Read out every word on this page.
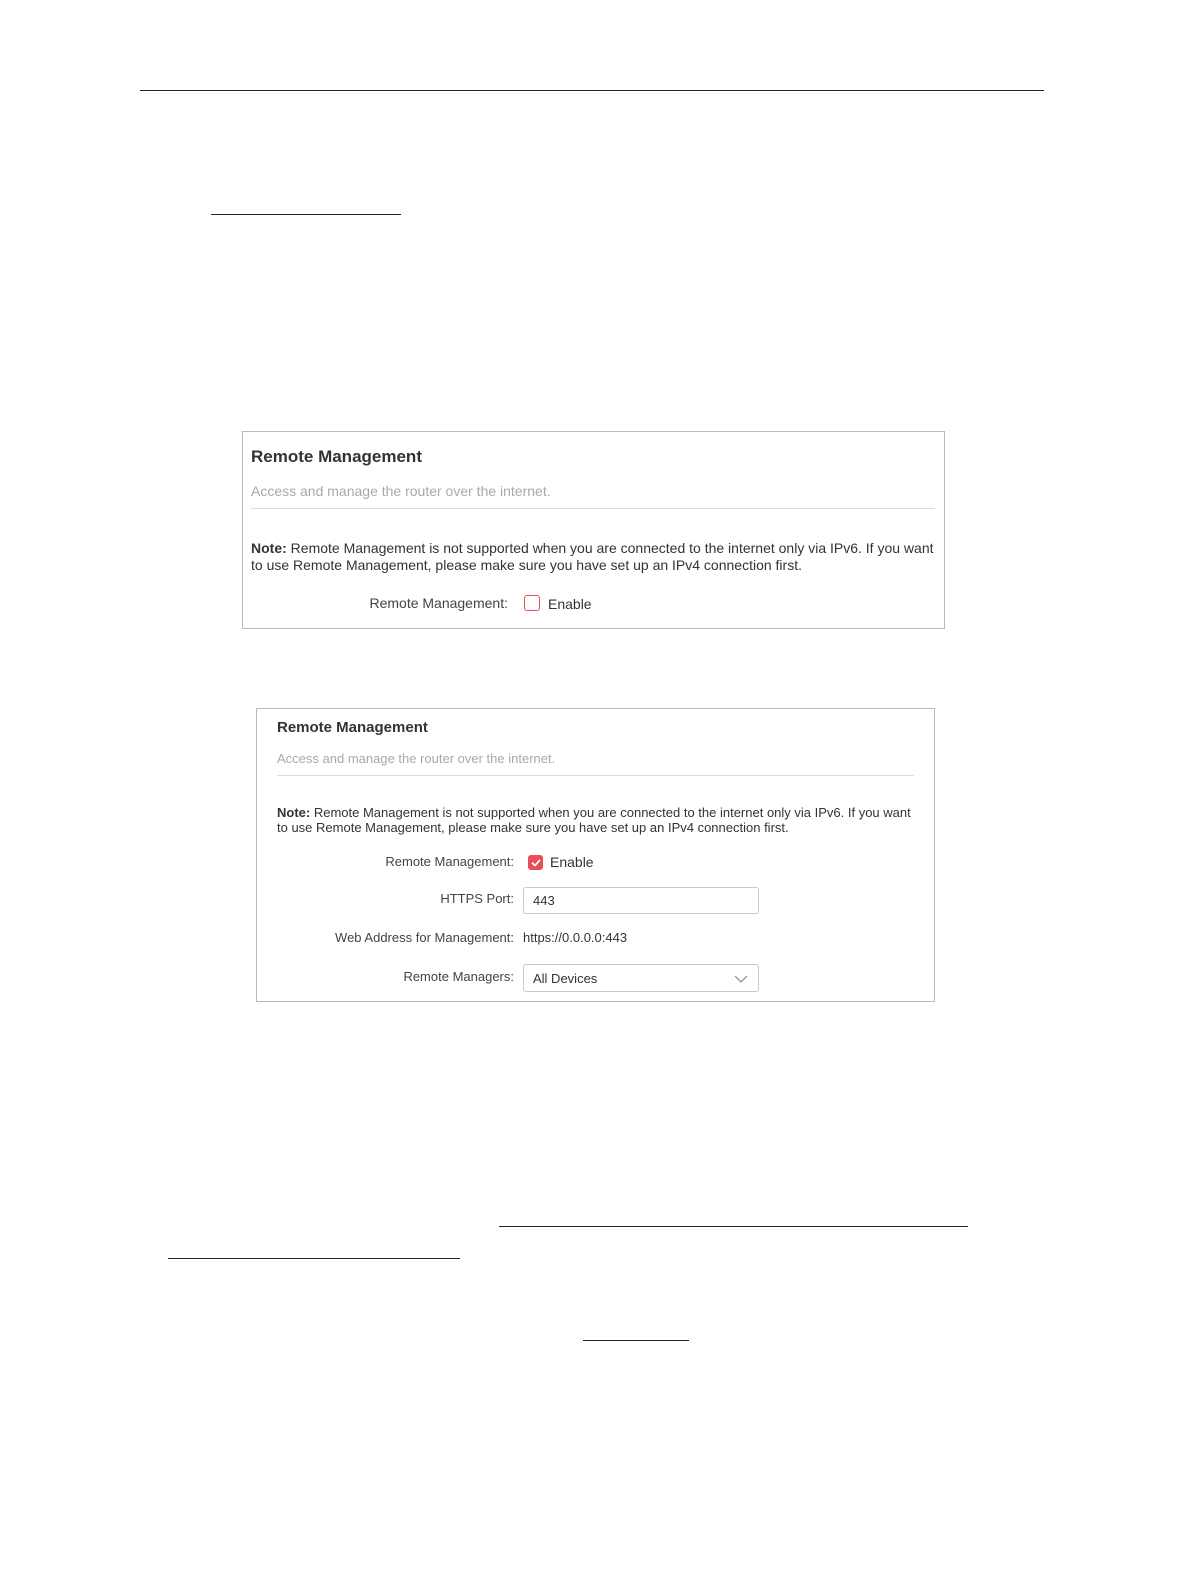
Remote Management
Access and manage the router over the internet.
Note: Remote Management is not supported when you are connected to the internet only via IPv6. If you want to use Remote Management, please make sure you have set up an IPv4 connection first.
Remote Management:	Enable
Remote Management
Access and manage the router over the internet.
Note: Remote Management is not supported when you are connected to the internet only via IPv6. If you want to use Remote Management, please make sure you have set up an IPv4 connection first.
Remote Management:	Enable
HTTPS Port: 443
Web Address for Management: https://0.0.0.0:443
Remote Managers: All Devices
